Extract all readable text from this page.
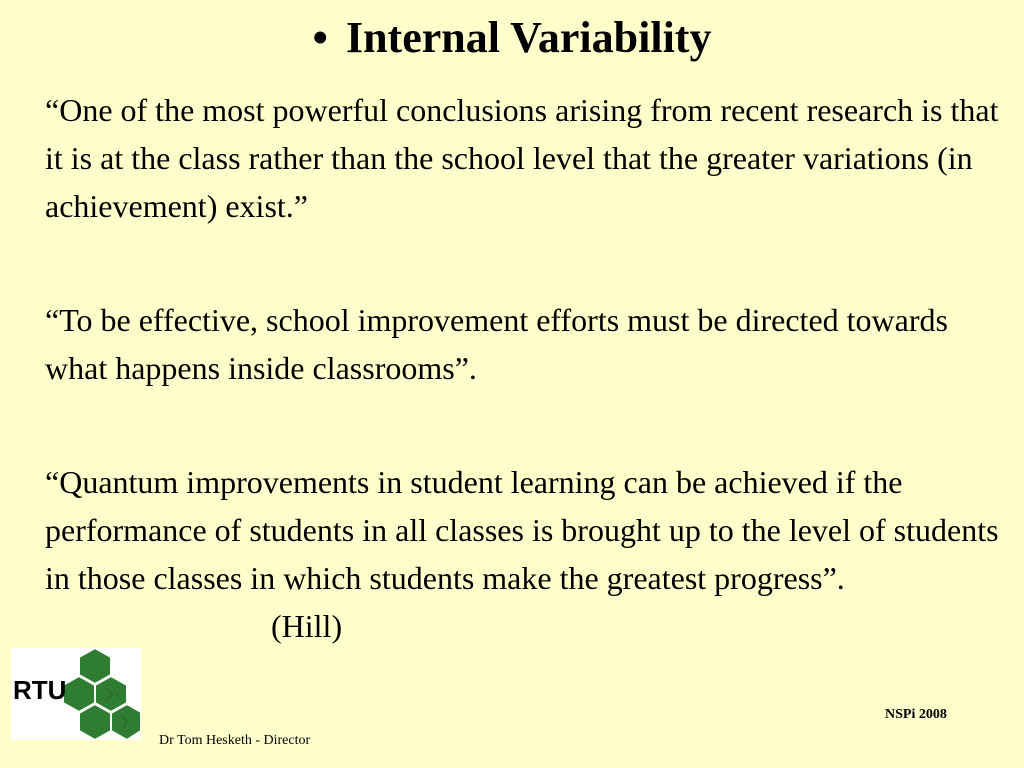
• Internal Variability

“One of the most powerful conclusions arising from recent research is that it is at the class rather than the school level that the greater variations (in achievement) exist.”

“To be effective, school improvement efforts must be directed towards what happens inside classrooms”.

“Quantum improvements in student learning can be achieved if the performance of students in all classes is brought up to the level of students in those classes in which students make the greatest progress”.(Hill)

RTU
NSPi 2008
Dr Tom Hesketh - Director
